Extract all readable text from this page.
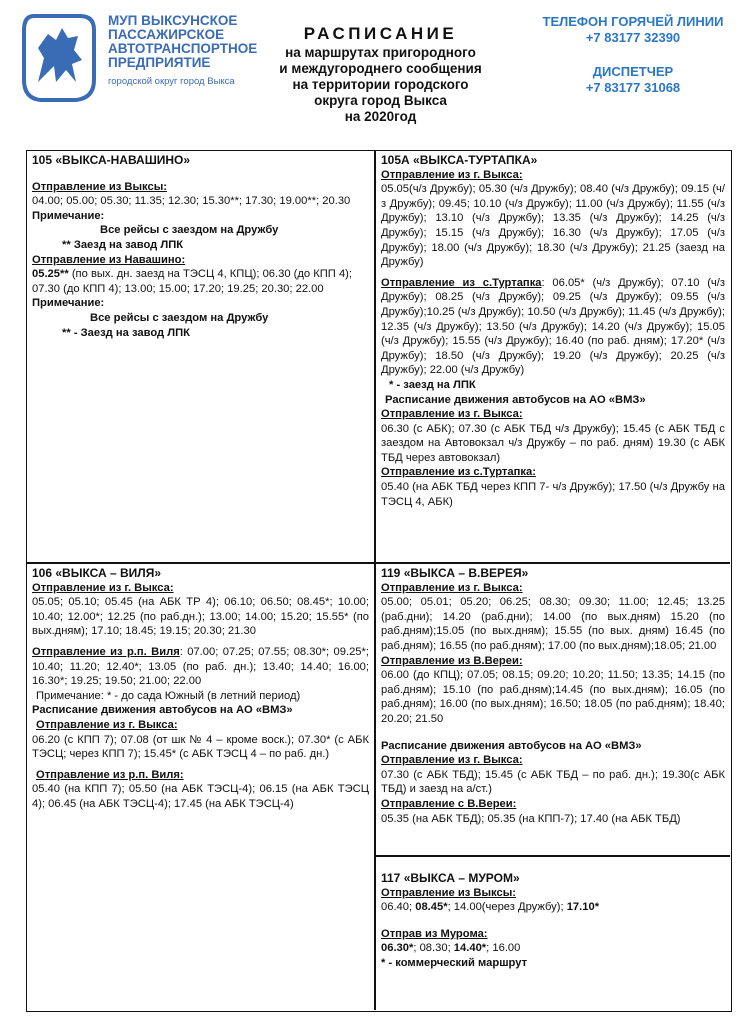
МУП ВЫКСУНСКОЕ
ПАССАЖИРСКОЕ
АВТОТРАНСПОРТНОЕ
ПРЕДПРИЯТИЕ
городской округ город Выкса
РАСПИСАНИЕ
на маршрутах пригородного
и междугороднего сообщения
на территории городского
округа город Выкса
на 2020год
ТЕЛЕФОН ГОРЯЧЕЙ ЛИНИИ
+7 83177 32390
ДИСПЕТЧЕР
+7 83177 31068
105 «ВЫКСА-НАВАШИНО»
Отправление из Выксы:
04.00; 05.00; 05.30; 11.35; 12.30; 15.30**; 17.30; 19.00**; 20.30
Примечание:
Все рейсы с заездом на Дружбу
** Заезд на завод ЛПК
Отправление из Навашино:
05.25** (по вых. дн. заезд на ТЭСЦ 4, КПЦ); 06.30 (до КПП 4); 07.30 (до КПП 4); 13.00; 15.00; 17.20; 19.25; 20.30; 22.00
Примечание:
Все рейсы с заездом на Дружбу
** - Заезд на завод ЛПК
105А «ВЫКСА-ТУРТАПКА»
Отправление из г. Выкса:
05.05(ч/з Дружбу); 05.30 (ч/з Дружбу); 08.40 (ч/з Дружбу); 09.15 (ч/з Дружбу); 09.45; 10.10 (ч/з Дружбу); 11.00 (ч/з Дружбу); 11.55 (ч/з Дружбу); 13.10 (ч/з Дружбу); 13.35 (ч/з Дружбу); 14.25 (ч/з Дружбу); 15.15 (ч/з Дружбу); 16.30 (ч/з Дружбу); 17.05 (ч/з Дружбу); 18.00 (ч/з Дружбу); 18.30 (ч/з Дружбу); 21.25 (заезд на Дружбу)
Отправление из с.Туртапка: 06.05* (ч/з Дружбу); 07.10 (ч/з Дружбу); 08.25 (ч/з Дружбу); 09.25 (ч/з Дружбу); 09.55 (ч/з Дружбу);10.25 (ч/з Дружбу); 10.50 (ч/з Дружбу); 11.45 (ч/з Дружбу); 12.35 (ч/з Дружбу); 13.50 (ч/з Дружбу); 14.20 (ч/з Дружбу); 15.05 (ч/з Дружбу); 15.55 (ч/з Дружбу); 16.40 (по раб. дням); 17.20* (ч/з Дружбу); 18.50 (ч/з Дружбу); 19.20 (ч/з Дружбу); 20.25 (ч/з Дружбу); 22.00 (ч/з Дружбу)
* - заезд на ЛПК
Расписание движения автобусов на АО «ВМЗ»
Отправление из г. Выкса:
06.30 (с АБК); 07.30 (с АБК ТБД ч/з Дружбу); 15.45 (с АБК ТБД с заездом на Автовокзал ч/з Дружбу – по раб. дням) 19.30 (с АБК ТБД через автовокзал)
Отправление из с.Туртапка:
05.40 (на АБК ТБД через КПП 7- ч/з Дружбу); 17.50 (ч/з Дружбу на ТЭСЦ 4, АБК)
106 «ВЫКСА – ВИЛЯ»
Отправление из г. Выкса:
05.05; 05.10; 05.45 (на АБК ТР 4); 06.10; 06.50; 08.45*; 10.00; 10.40; 12.00*; 12.25 (по раб.дн.); 13.00; 14.00; 15.20; 15.55* (по вых.дням); 17.10; 18.45; 19.15; 20.30; 21.30
Отправление из р.п. Виля: 07.00; 07.25; 07.55; 08.30*; 09.25*; 10.40; 11.20; 12.40*; 13.05 (по раб. дн.); 13.40; 14.40; 16.00; 16.30*; 19.25; 19.50; 21.00; 22.00
Примечание: * - до сада Южный (в летний период)
Расписание движения автобусов на АО «ВМЗ»
Отправление из г. Выкса:
06.20 (с КПП 7); 07.08 (от шк № 4 – кроме воск.); 07.30* (с АБК ТЭСЦ; через КПП 7); 15.45* (с АБК ТЭСЦ 4 – по раб. дн.)
Отправление из р.п. Виля:
05.40 (на КПП 7); 05.50 (на АБК ТЭСЦ-4); 06.15 (на АБК ТЭСЦ 4); 06.45 (на АБК ТЭСЦ-4); 17.45 (на АБК ТЭСЦ-4)
119 «ВЫКСА – В.ВЕРЕЯ»
Отправление из г. Выкса:
05.00; 05.01; 05.20; 06.25; 08.30; 09.30; 11.00; 12.45; 13.25 (раб.дни); 14.20 (раб.дни); 14.00 (по вых.дням) 15.20 (по раб.дням);15.05 (по вых.дням); 15.55 (по вых. дням) 16.45 (по раб.дням); 16.55 (по раб.дням); 17.00 (по вых.дням);18.05; 21.00
Отправление из В.Вереи:
06.00 (до КПЦ); 07.05; 08.15; 09.20; 10.20; 11.50; 13.35; 14.15 (по раб.дням); 15.10 (по раб.дням);14.45 (по вых.дням); 16.05 (по раб.дням); 16.00 (по вых.дням); 16.50; 18.05 (по раб.дням); 18.40; 20.20; 21.50
Расписание движения автобусов на АО «ВМЗ»
Отправление из г. Выкса:
07.30 (с АБК ТБД); 15.45 (с АБК ТБД – по раб. дн.); 19.30(с АБК ТБД) и заезд на а/ст.)
Отправление с В.Вереи:
05.35 (на АБК ТБД); 05.35 (на КПП-7); 17.40 (на АБК ТБД)
117 «ВЫКСА – МУРОМ»
Отправление из Выксы:
06.40; 08.45*; 14.00(через Дружбу); 17.10*
Отправ из Мурома:
06.30*; 08.30; 14.40*; 16.00
* - коммерческий маршрут
